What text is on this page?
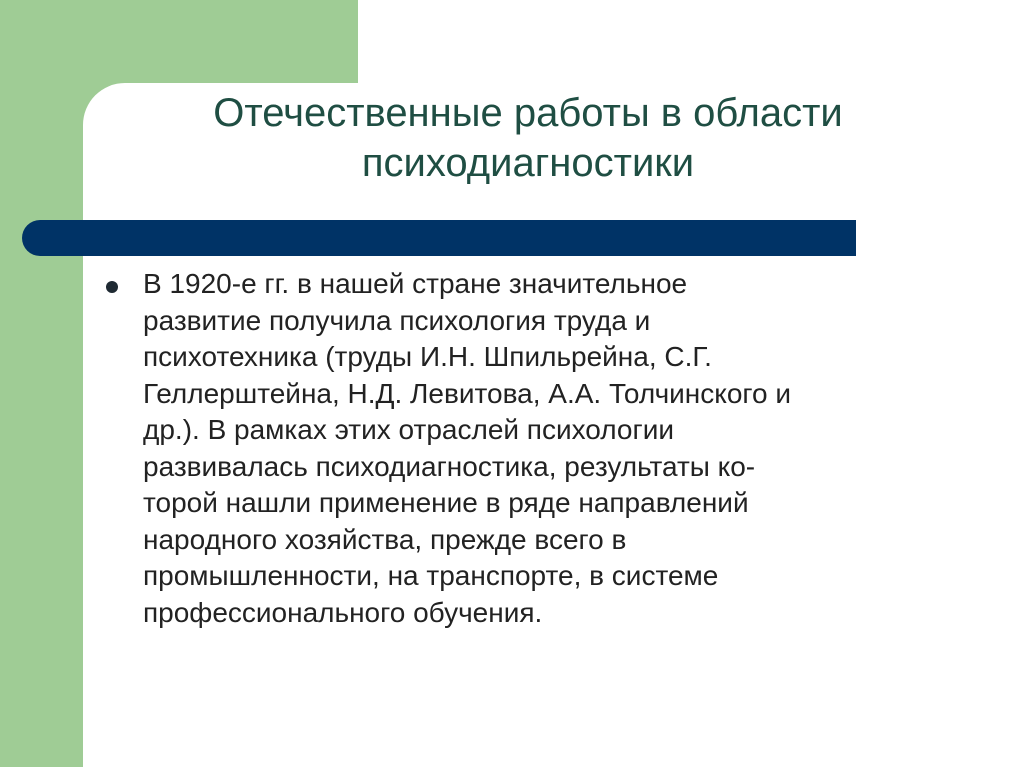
Отечественные работы в области
психодиагностики
В 1920-е гг. в нашей стране значительное
развитие получила психология труда и
психотехника (труды И.Н. Шпильрейна, С.Г.
Геллерштейна, Н.Д. Левитова, А.А. Толчинского и
др.). В рамках этих отраслей психологии
развивалась психодиагностика, результаты ко-
торой нашли применение в ряде направлений
народного хозяйства, прежде всего в
промышленности, на транспорте, в системе
профессионального обучения.
